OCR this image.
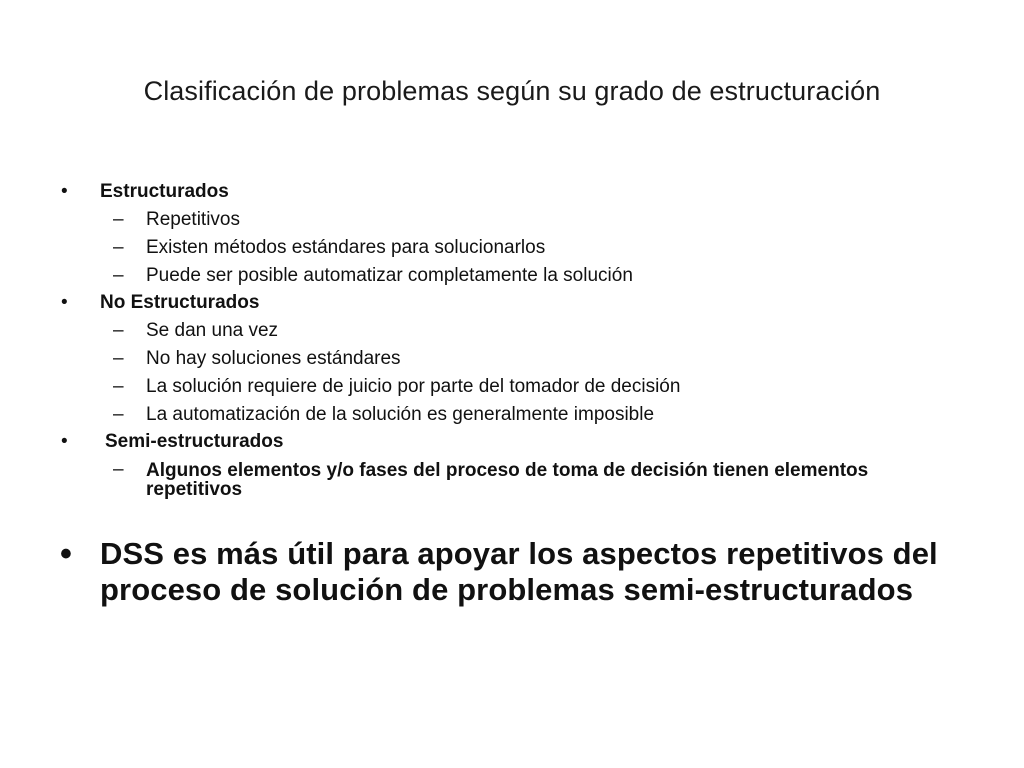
Clasificación de problemas según su grado de estructuración
• Estructurados
– Repetitivos
– Existen métodos estándares para solucionarlos
– Puede ser posible automatizar completamente la solución
• No Estructurados
– Se dan una vez
– No hay soluciones estándares
– La solución requiere de juicio por parte del tomador de decisión
– La automatización de la solución es generalmente imposible
• Semi-estructurados
– Algunos elementos y/o fases del proceso de toma de decisión tienen elementos repetitivos
• DSS es más útil para apoyar los aspectos repetitivos del proceso de solución de problemas semi-estructurados
